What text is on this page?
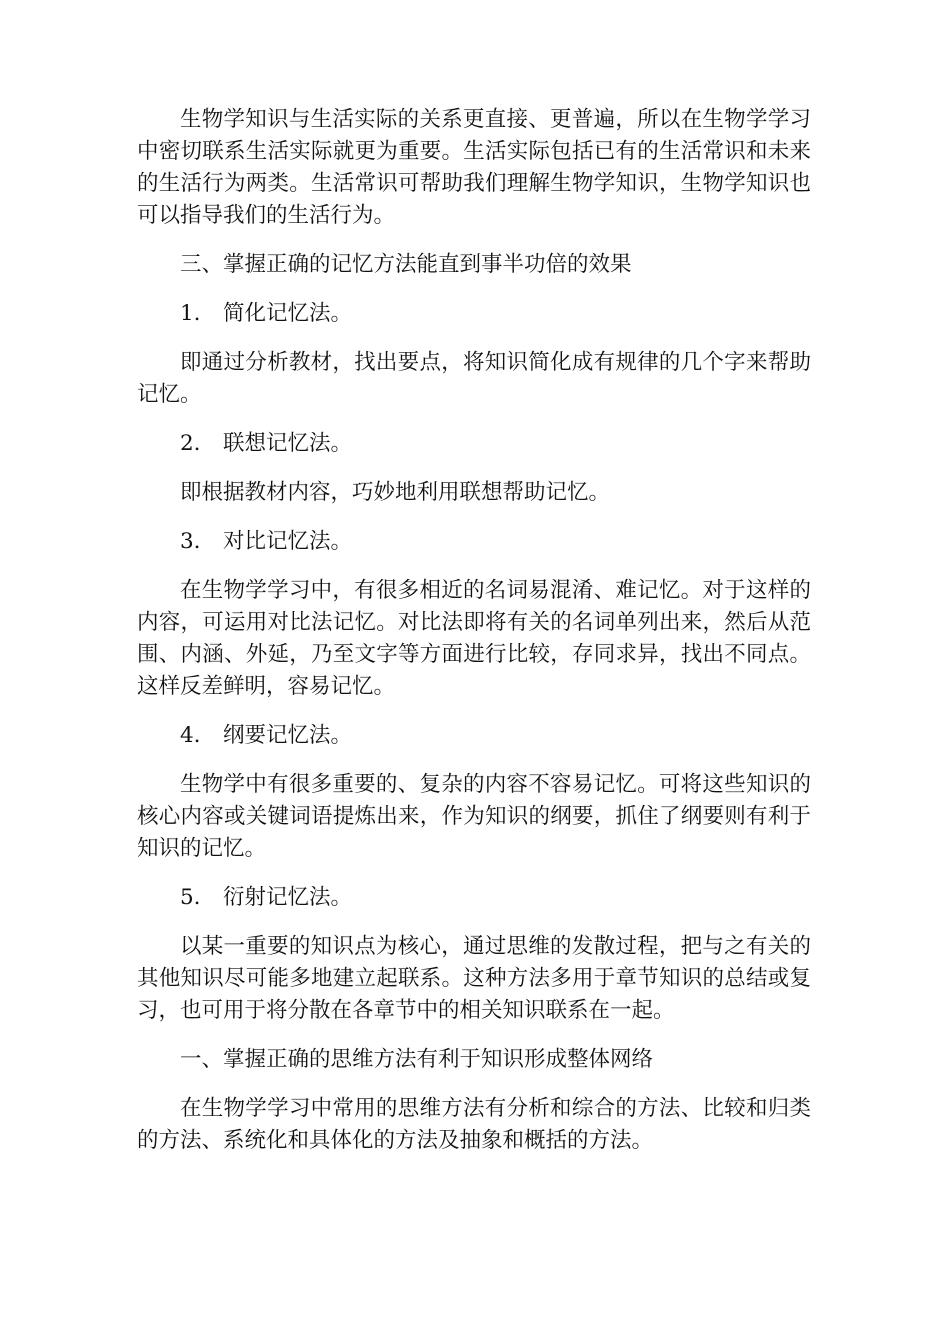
生物学知识与生活实际的关系更直接、更普遍，所以在生物学学习中密切联系生活实际就更为重要。生活实际包括已有的生活常识和未来的生活行为两类。生活常识可帮助我们理解生物学知识，生物学知识也可以指导我们的生活行为。

三、掌握正确的记忆方法能直到事半功倍的效果

1. 简化记忆法。

即通过分析教材，找出要点，将知识简化成有规律的几个字来帮助记忆。

2. 联想记忆法。

即根据教材内容，巧妙地利用联想帮助记忆。

3. 对比记忆法。

在生物学学习中，有很多相近的名词易混淆、难记忆。对于这样的内容，可运用对比法记忆。对比法即将有关的名词单列出来，然后从范围、内涵、外延，乃至文字等方面进行比较，存同求异，找出不同点。这样反差鲜明，容易记忆。

4. 纲要记忆法。

生物学中有很多重要的、复杂的内容不容易记忆。可将这些知识的核心内容或关键词语提炼出来，作为知识的纲要，抓住了纲要则有利于知识的记忆。

5. 衍射记忆法。

以某一重要的知识点为核心，通过思维的发散过程，把与之有关的其他知识尽可能多地建立起联系。这种方法多用于章节知识的总结或复习，也可用于将分散在各章节中的相关知识联系在一起。

一、掌握正确的思维方法有利于知识形成整体网络

在生物学学习中常用的思维方法有分析和综合的方法、比较和归类的方法、系统化和具体化的方法及抽象和概括的方法。
